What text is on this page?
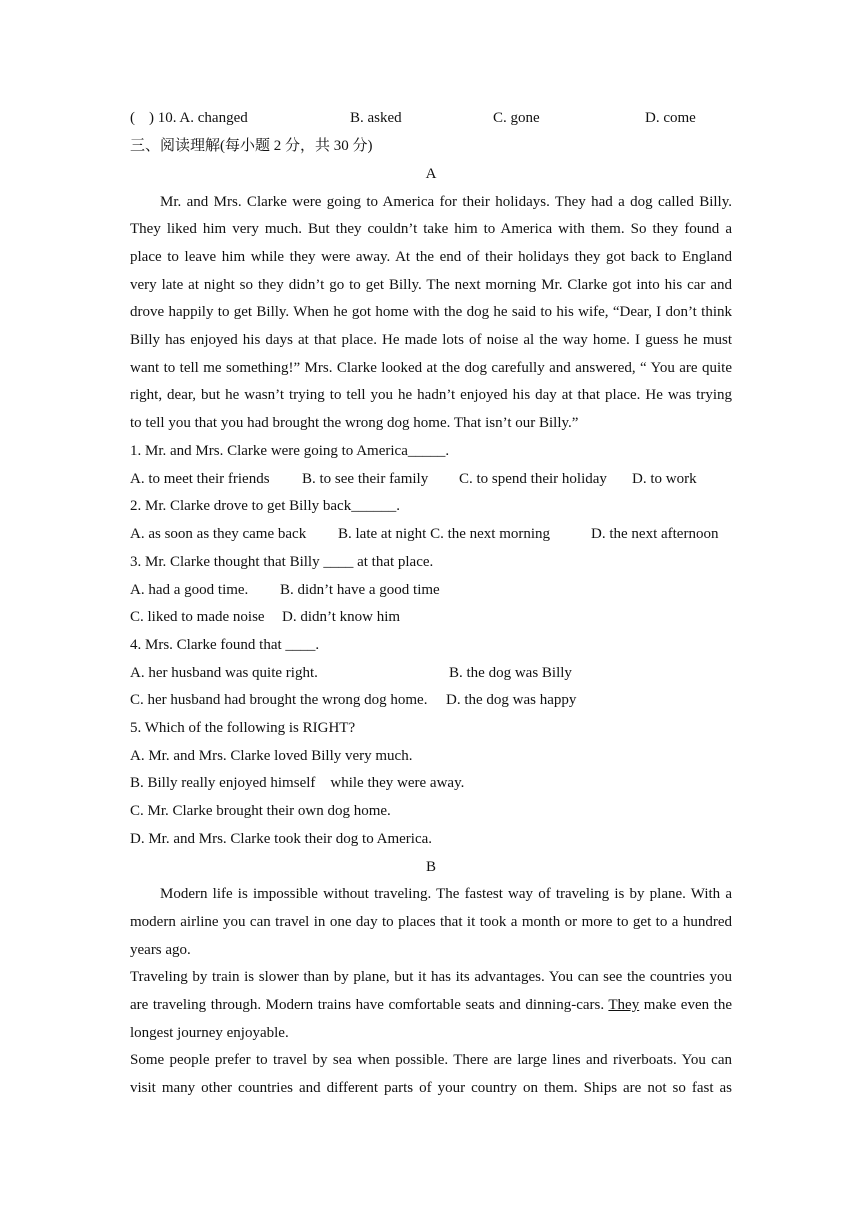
( ) 10. A. changed	B. asked	C. gone	D. come
三、阅读理解(每小题 2 分，共 30 分)
A
Mr. and Mrs. Clarke were going to America for their holidays. They had a dog called Billy.
They liked him very much. But they couldn’t take him to America with them. So they found a
place to leave him while they were away. At the end of their holidays they got back to England
very late at night so they didn’t go to get Billy. The next morning Mr. Clarke got into his car and
drove happily to get Billy. When he got home with the dog he said to his wife, “Dear, I don’t think
Billy has enjoyed his days at that place. He made lots of noise al the way home. I guess he must
want to tell me something!” Mrs. Clarke looked at the dog carefully and answered, “ You are quite
right, dear, but he wasn’t trying to tell you he hadn’t enjoyed his day at that place. He was trying
to tell you that you had brought the wrong dog home. That isn’t our Billy.”
1. Mr. and Mrs. Clarke were going to America_____.
A. to meet their friends B. to see their family C. to spend their holiday D. to work
2. Mr. Clarke drove to get Billy back______.
A. as soon as they came back B. late at night C. the next morning	D. the next afternoon
3. Mr. Clarke thought that Billy ____ at that place.
A. had a good time. B. didn’t have a good time
C. liked to made noise D. didn’t know him
4. Mrs. Clarke found that ____.
A. her husband was quite right.	B. the dog was Billy
C. her husband had brought the wrong dog home. D. the dog was happy
5. Which of the following is RIGHT?
A. Mr. and Mrs. Clarke loved Billy very much.
B. Billy really enjoyed himself　while they were away.
C. Mr. Clarke brought their own dog home.
D. Mr. and Mrs. Clarke took their dog to America.
B
Modern life is impossible without traveling. The fastest way of traveling is by plane. With a
modern airline you can travel in one day to places that it took a month or more to get to a hundred
years ago.
Traveling by train is slower than by plane, but it has its advantages. You can see the countries you
are traveling through. Modern trains have comfortable seats and dinning-cars. They make even the
longest journey enjoyable.
Some people prefer to travel by sea when possible. There are large lines and riverboats. You can
visit many other countries and different parts of your country on them. Ships are not so fast as
